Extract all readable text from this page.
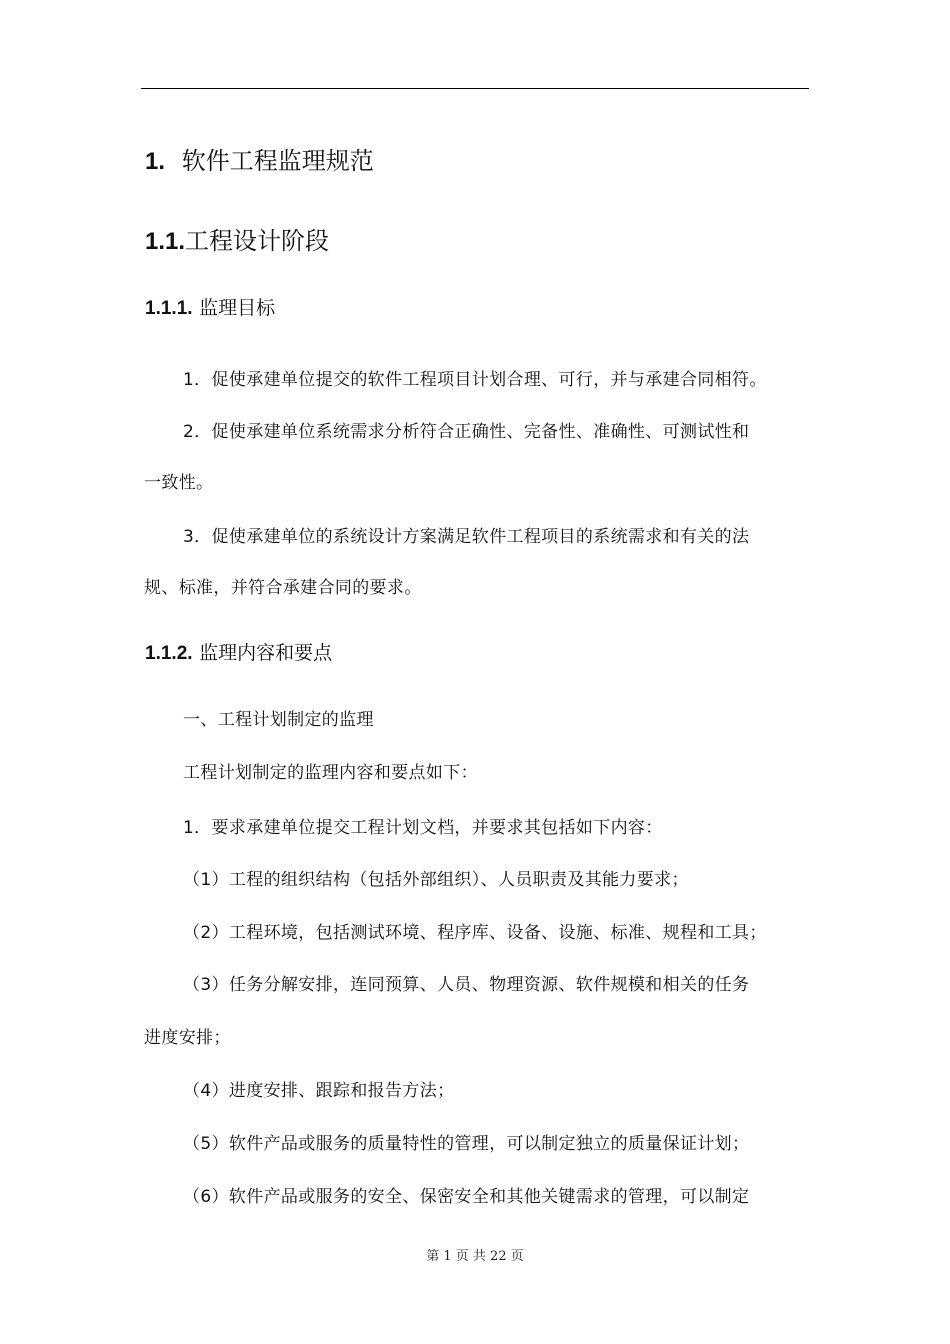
1. 软件工程监理规范
1.1.工程设计阶段
1.1.1. 监理目标
1．促使承建单位提交的软件工程项目计划合理、可行，并与承建合同相符。
2．促使承建单位系统需求分析符合正确性、完备性、准确性、可测试性和
一致性。
3．促使承建单位的系统设计方案满足软件工程项目的系统需求和有关的法
规、标准，并符合承建合同的要求。
1.1.2. 监理内容和要点
一、工程计划制定的监理
工程计划制定的监理内容和要点如下：
1．要求承建单位提交工程计划文档，并要求其包括如下内容：
（1）工程的组织结构（包括外部组织）、人员职责及其能力要求；
（2）工程环境，包括测试环境、程序库、设备、设施、标准、规程和工具；
（3）任务分解安排，连同预算、人员、物理资源、软件规模和相关的任务
进度安排；
（4）进度安排、跟踪和报告方法；
（5）软件产品或服务的质量特性的管理，可以制定独立的质量保证计划；
（6）软件产品或服务的安全、保密安全和其他关键需求的管理，可以制定
第 1 页 共 22 页
